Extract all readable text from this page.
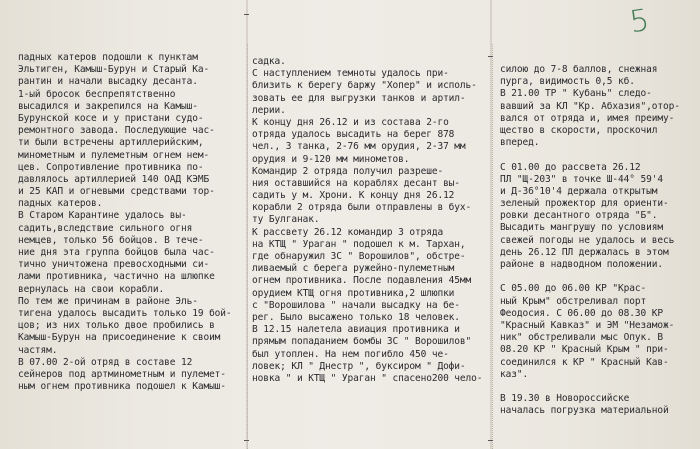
5
падных катеров подошли к пунктам
Эльтиген, Камыш-Бурун и Старый Ка-
рантин и начали высадку десанта.
1-ый бросок беспрепятственно
высадился и закрепился на Камыш-
Бурунской косе и у пристани судо-
ремонтного завода. Последующие час-
ти были встречены артиллерийским,
минометным и пулеметным огнем нем-
цев. Сопротивление противника по-
давлялось артиллерией 140 ОАД КЭМБ
и 25 КАП и огневыми средствами тор-
падных катеров.
В Старом Карантине удалось вы-
садить,вследствие сильного огня
немцев, только 56 бойцов. В тече-
ние дня эта группа бойцов была час-
тично уничтожена превосходными си-
лами противника, частично на шлюпке
вернулась на свои корабли.
По тем же причинам в районе Эль-
тигена удалось высадить только 19 бой-
цов; из них только двое пробились в
Камыш-Бурун на присоединение к своим
частям.
В 07.00 2-ой отряд в составе 12
сейнеров под артминометным и пулемет-
ным огнем противника подошел к Камыш-
садка.
С наступлением темноты удалось при-
близить к берегу баржу "Хопер" и исполь-
зовать ее для выгрузки танков и артил-
лерии.
К концу дня 26.12 и из состава 2-го
отряда удалось высадить на берег 878
чел., 3 танка, 2-76 мм орудия, 2-37 мм
орудия и 9-120 мм минометов.
Командир 2 отряда получил разреше-
ния оставшийся на кораблях десант вы-
садить у м. Хрони. К концу дня 26.12
корабли 2 отряда были отправлены в бух-
ту Булганак.
К рассвету 26.12 командир 3 отряда
на КТЩ " Ураган " подошел к м. Тархан,
где обнаружил ЗС " Ворошилов", обстре-
ливаемый с берега ружейно-пулеметным
огнем противника. После подавления 45мм
орудием КТЩ огня противника,2 шлюпки
с "Ворошилова " начали высадку на бе-
рег. Было высажено только 18 человек.
В 12.15 налетела авиация противника и
прямым попаданием бомбы ЗС " Ворошилов"
был утоплен. На нем погибло 450 че-
ловек; КЛ " Днестр ", буксиром " Дофи-
новка " и КТЩ " Ураган " спасено200 чело-
силою до 7-8 баллов, снежная
пурга, видимость 0,5 кб.
В 21.00 ТР " Кубань" следо-
вавший за КЛ "Кр. Абхазия",отор-
вался от отряда и, имея преиму-
щество в скорости, проскочил
вперед.
С 01.00 до рассвета 26.12
ПЛ "Щ-203" в точке Ш-44° 59'4
и Д-36°10'4 держала открытым
зеленый прожектор для ориенти-
ровки десантного отряда "Б".
Высадить мангрушу по условиям
свежей погоды не удалось и весь
день 26.12 ПЛ держалась в этом
районе в надводном положении.
С 05.00 до 06.00 КР "Крас-
ный Крым" обстреливал порт
Феодосия. С 06.00 до 08.30 КР
"Красный Кавказ" и ЭМ "Незамож-
ник" обстреливали мыс Опук. В
08.20 КР " Красный Крым " при-
соединился к КР " Красный Кав-
каз".
В 19.30 в Новороссийске
началась погрузка материальной
